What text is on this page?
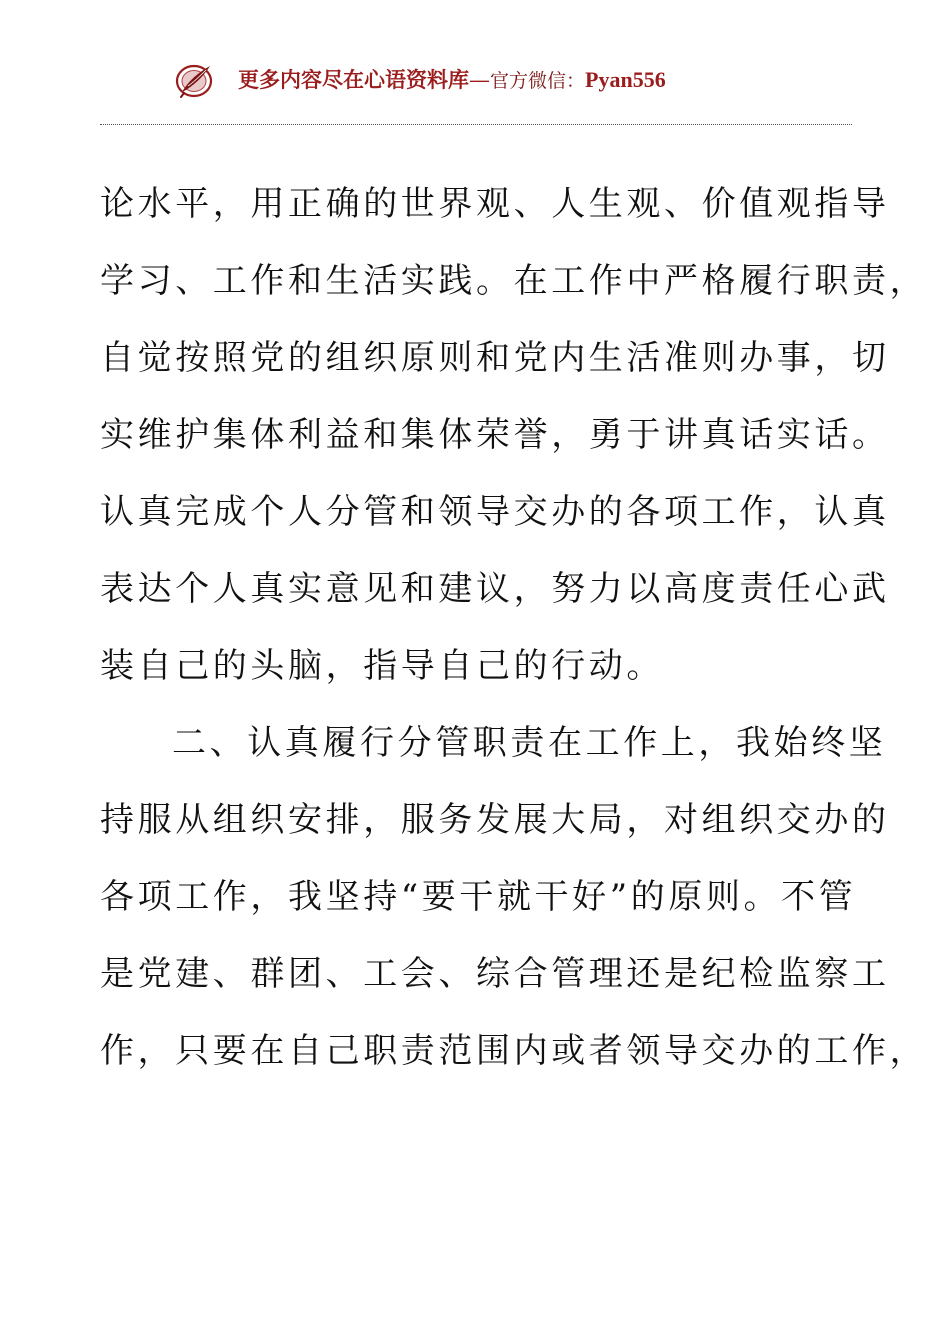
更多内容尽在心语资料库—官方微信：Pyan556
论水平，用正确的世界观、人生观、价值观指导
学习、工作和生活实践。在工作中严格履行职责，
自觉按照党的组织原则和党内生活准则办事，切
实维护集体利益和集体荣誉，勇于讲真话实话。
认真完成个人分管和领导交办的各项工作，认真
表达个人真实意见和建议，努力以高度责任心武
装自己的头脑，指导自己的行动。
二、认真履行分管职责在工作上，我始终坚
持服从组织安排，服务发展大局，对组织交办的
各项工作，我坚持“要干就干好”的原则。不管
是党建、群团、工会、综合管理还是纪检监察工
作，只要在自己职责范围内或者领导交办的工作，
